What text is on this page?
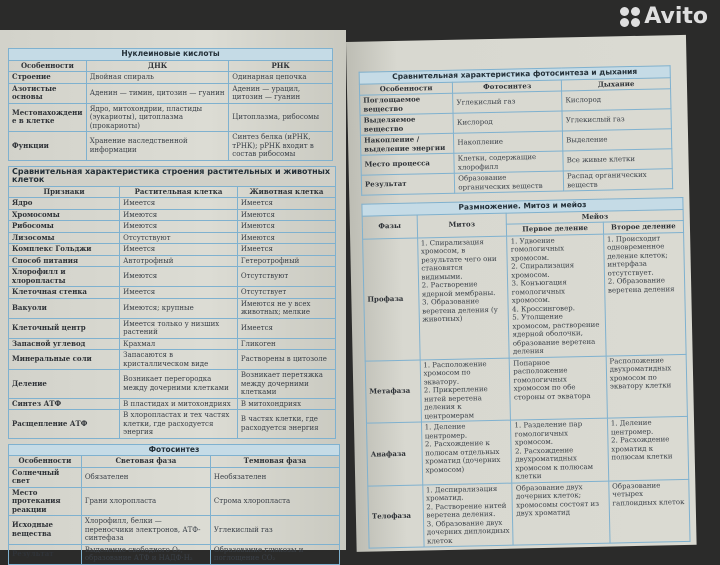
Нуклеиновые кислоты		
Особенности	ДНК	РНК
Строение	Двойная спираль	Одинарная цепочка
Азотистые основы	Аденин — тимин, цитозин — гуанин	Аденин — урацил, цитозин — гуанин
Местонахождение в клетке	Ядро, митохондрии, пластиды (эукариоты), цитоплазма (прокариоты)	Цитоплазма, рибосомы
Функции	Хранение наследственной информации	Синтез белка (иРНК, тРНК); рРНК входит в состав рибосомы
Сравнительная характеристика строения растительных и животных клеток		
Признаки	Растительная клетка	Животная клетка
Ядро	Имеется	Имеется
Хромосомы	Имеются	Имеются
Рибосомы	Имеются	Имеются
Лизосомы	Отсутствуют	Имеются
Комплекс Гольджи	Имеется	Имеется
Способ питания	Автотрофный	Гетеротрофный
Хлорофилл и хлоропласты	Имеются	Отсутствуют
Клеточная стенка	Имеется	Отсутствует
Вакуоли	Имеются; крупные	Имеются не у всех животных; мелкие
Клеточный центр	Имеется только у низших растений	Имеется
Запасной углевод	Крахмал	Гликоген
Минеральные соли	Запасаются в кристаллическом виде	Растворены в цитозоле
Деление	Возникает перегородка между дочерними клетками	Возникает перетяжка между дочерними клетками
Синтез АТФ	В пластидах и митохондриях	В митохондриях
Расщепление АТФ	В хлоропластах и тех частях клетки, где расходуется энергия	В частях клетки, где расходуется энергия
Фотосинтез		
Особенности	Световая фаза	Темновая фаза
Солнечный свет	Обязателен	Необязателен
Место протекания реакции	Грани хлоропласта	Строма хлоропласта
Исходные вещества	Хлорофилл, белки — переносчики электронов, АТФ-синтефаза	Углекислый газ
Результат	Выделение свободного O₂, образование АТФ и НАДФ·Н₂	Образование глюкозы и поглощение CO₂
Сравнительная характеристика фотосинтеза и дыхания		
Особенности	Фотосинтез	Дыхание
Поглощаемое вещество	Углекислый газ	Кислород
Выделяемое вещество	Кислород	Углекислый газ
Накопление / выделение энергии	Накопление	Выделение
Место процесса	Клетки, содержащие хлорофилл	Все живые клетки
Результат	Образование органических веществ	Распад органических веществ
Размножение. Митоз и мейоз			
Фазы	Митоз	Мейоз	
		Первое деление	Второе деление
Профаза	1. Спирализация хромосом, в результате чего они становятся видимыми.
2. Растворение ядерной мембраны.
3. Образование веретена деления (у животных)	1. Удвоение гомологичных хромосом.
2. Спирализация хромосом.
3. Конъюгация гомологичных хромосом.
4. Кроссинговер.
5. Утолщение хромосом, растворение ядерной оболочки, образование веретена деления	1. Происходит одновременное деление клеток; интерфаза отсутствует.
2. Образование веретена деления
Метафаза	1. Расположение хромосом по экватору.
2. Прикрепление нитей веретена деления к центромерам	Попарное расположение гомологичных хромосом по обе стороны от экватора	Расположение двухроматидных хромосом по экватору клетки
Анафаза	1. Деление центромер.
2. Расхождение к полюсам отдельных хроматид (дочерних хромосом)	1. Разделение пар гомологичных хромосом.
2. Расхождение двухроматидных хромосом к полюсам клетки	1. Деление центромер.
2. Расхождение хроматид к полюсам клетки
Телофаза	1. Деспирализация хроматид.
2. Растворение нитей веретена деления.
3. Образование двух дочерних диплоидных клеток	Образование двух дочерних клеток; хромосомы состоят из двух хроматид	Образование четырех гаплоидных клеток
Avito
